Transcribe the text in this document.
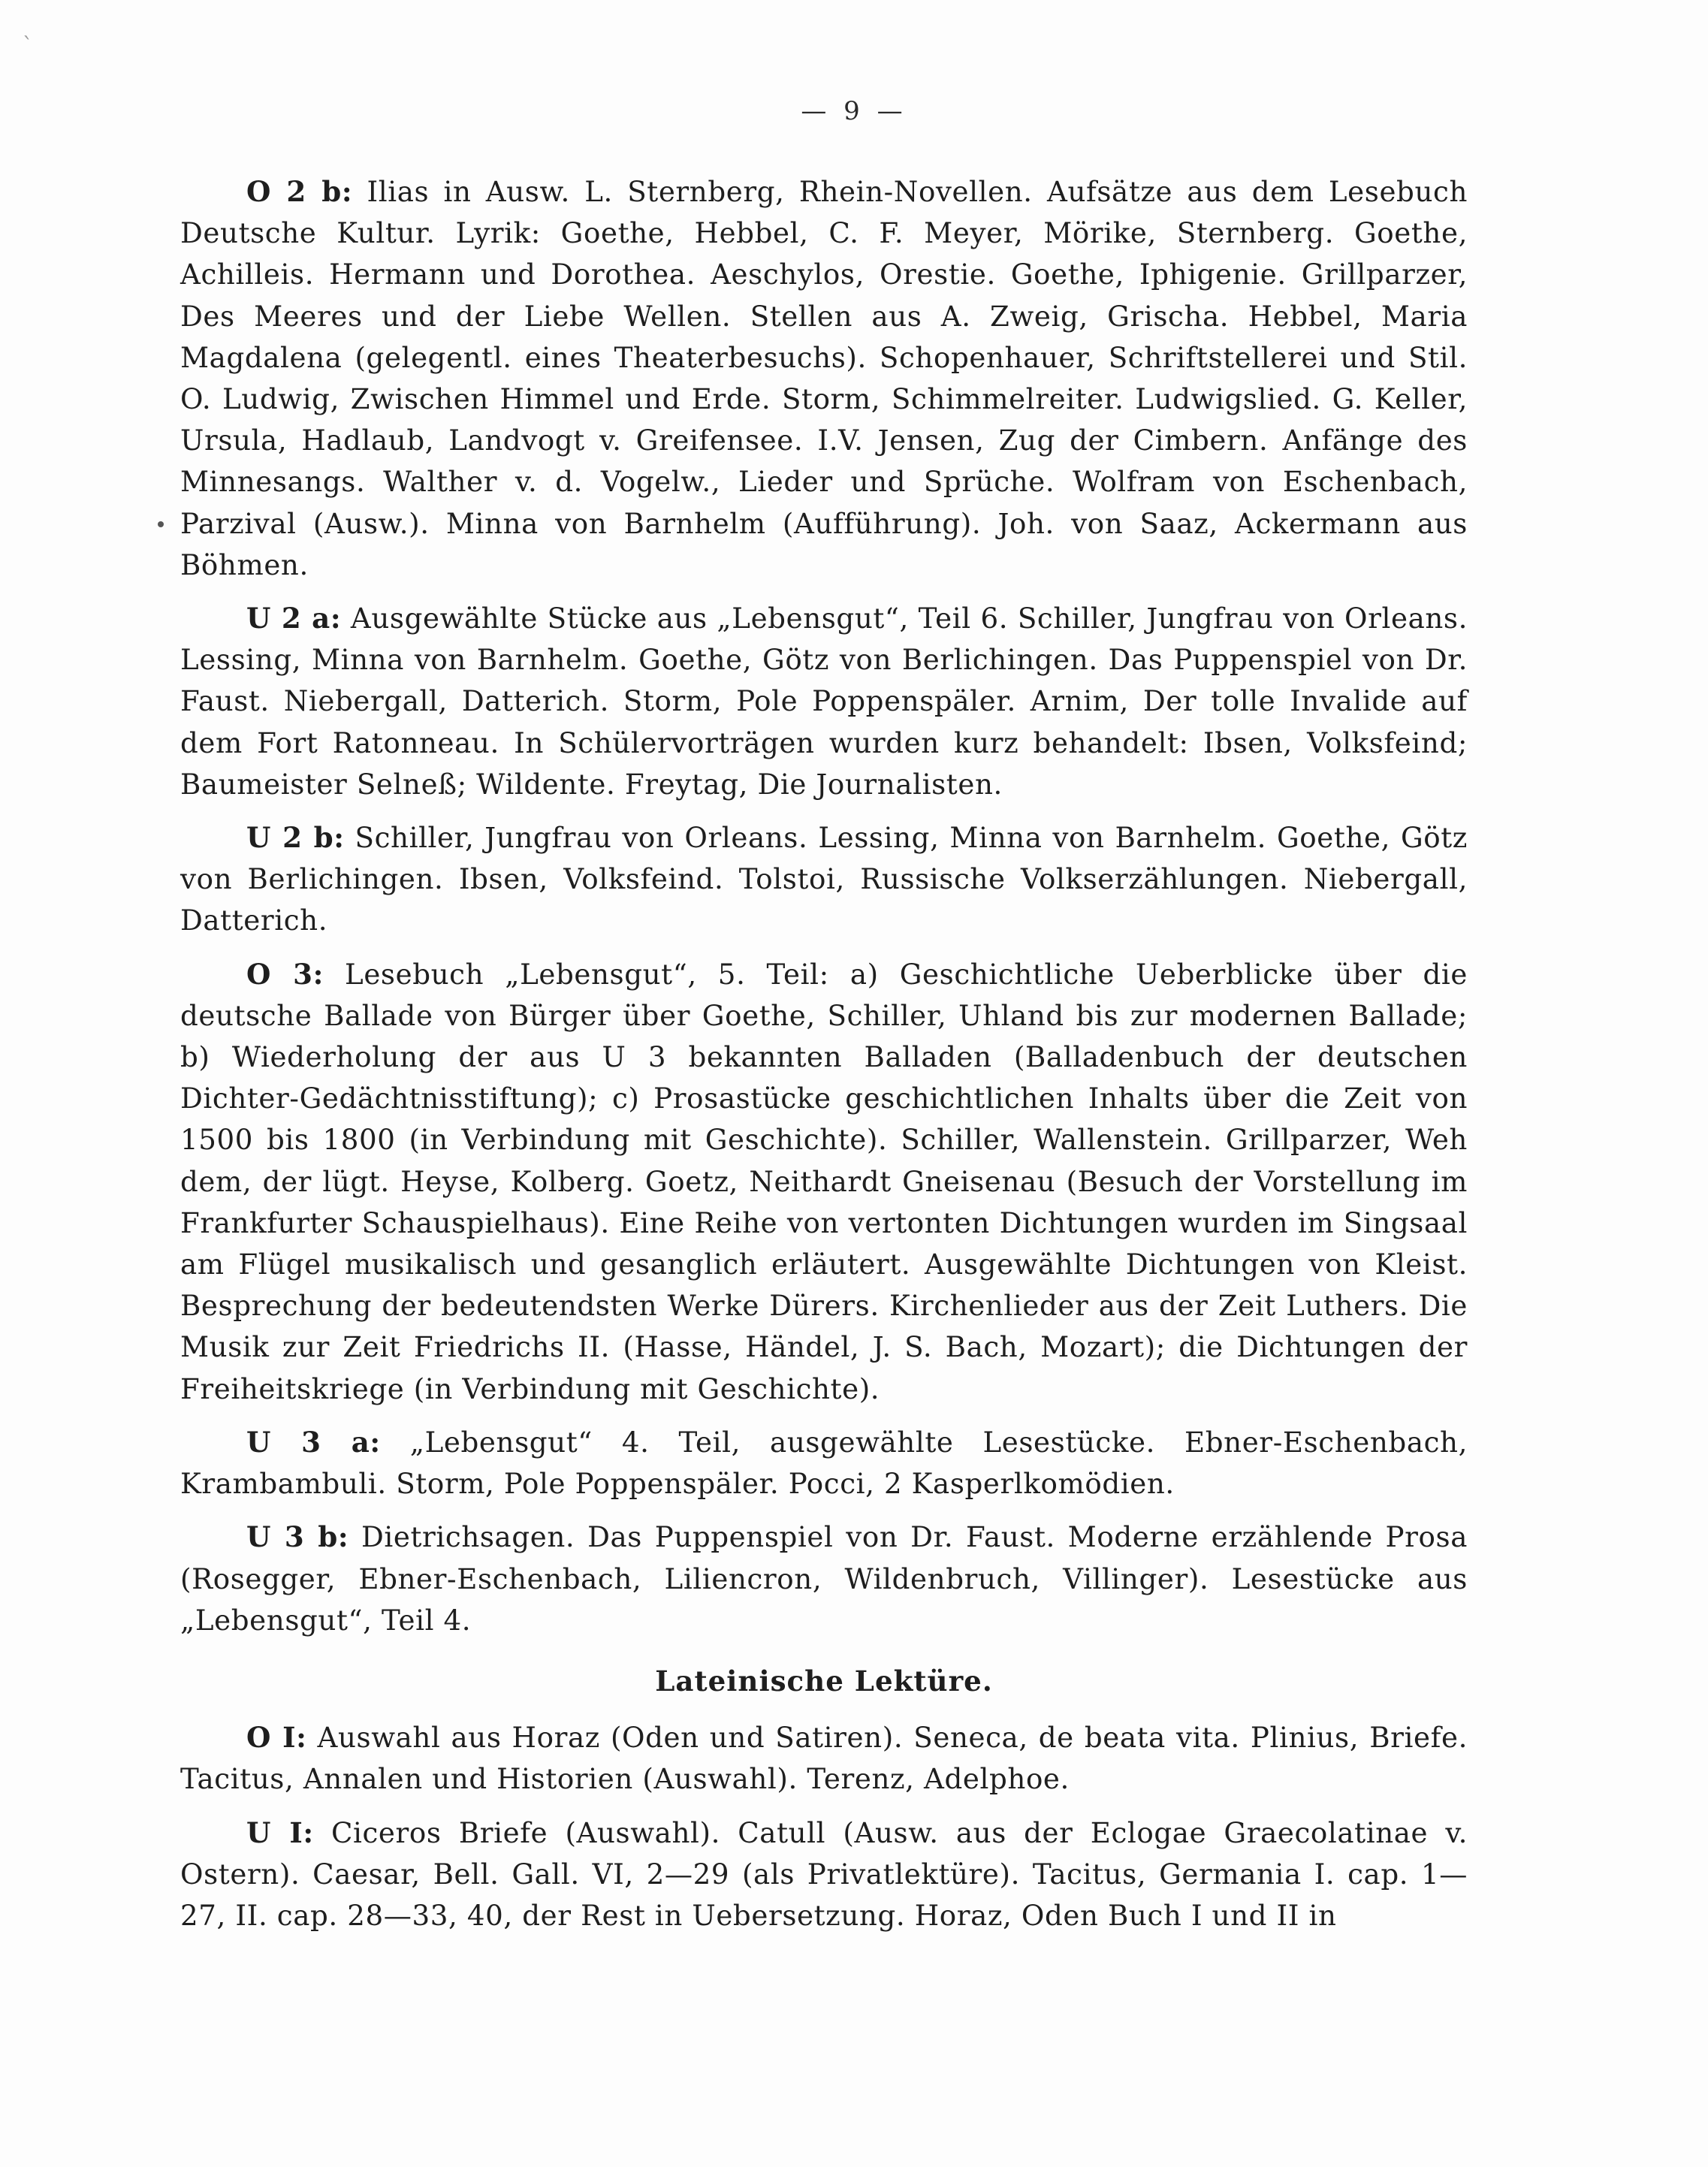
`
— 9 —

O 2 b: Ilias in Ausw. L. Sternberg, Rhein-Novellen. Aufsätze aus dem Lesebuch Deutsche Kultur. Lyrik: Goethe, Hebbel, C. F. Meyer, Mörike, Sternberg. Goethe, Achilleis. Hermann und Dorothea. Aeschylos, Orestie. Goethe, Iphigenie. Grillparzer, Des Meeres und der Liebe Wellen. Stellen aus A. Zweig, Grischa. Hebbel, Maria Magdalena (gelegentl. eines Theaterbesuchs). Schopenhauer, Schriftstellerei und Stil. O. Ludwig, Zwischen Himmel und Erde. Storm, Schimmelreiter. Ludwigslied. G. Keller, Ursula, Hadlaub, Landvogt v. Greifensee. I.V. Jensen, Zug der Cimbern. Anfänge des Minnesangs. Walther v. d. Vogelw., Lieder und Sprüche. Wolfram von Eschenbach, Parzival (Ausw.). Minna von Barnhelm (Aufführung). Joh. von Saaz, Ackermann aus Böhmen.

U 2 a: Ausgewählte Stücke aus „Lebensgut“, Teil 6. Schiller, Jungfrau von Orleans. Lessing, Minna von Barnhelm. Goethe, Götz von Berlichingen. Das Puppenspiel von Dr. Faust. Niebergall, Datterich. Storm, Pole Poppenspäler. Arnim, Der tolle Invalide auf dem Fort Ratonneau. In Schülervorträgen wurden kurz behandelt: Ibsen, Volksfeind; Baumeister Selneß; Wildente. Freytag, Die Journalisten.

U 2 b: Schiller, Jungfrau von Orleans. Lessing, Minna von Barnhelm. Goethe, Götz von Berlichingen. Ibsen, Volksfeind. Tolstoi, Russische Volkserzählungen. Niebergall, Datterich.

O 3: Lesebuch „Lebensgut“, 5. Teil: a) Geschichtliche Ueberblicke über die deutsche Ballade von Bürger über Goethe, Schiller, Uhland bis zur modernen Ballade; b) Wiederholung der aus U 3 bekannten Balladen (Balladenbuch der deutschen Dichter-Gedächtnisstiftung); c) Prosastücke geschichtlichen Inhalts über die Zeit von 1500 bis 1800 (in Verbindung mit Geschichte). Schiller, Wallenstein. Grillparzer, Weh dem, der lügt. Heyse, Kolberg. Goetz, Neithardt Gneisenau (Besuch der Vorstellung im Frankfurter Schauspielhaus). Eine Reihe von vertonten Dichtungen wurden im Singsaal am Flügel musikalisch und gesanglich erläutert. Ausgewählte Dichtungen von Kleist. Besprechung der bedeutendsten Werke Dürers. Kirchenlieder aus der Zeit Luthers. Die Musik zur Zeit Friedrichs II. (Hasse, Händel, J. S. Bach, Mozart); die Dichtungen der Freiheitskriege (in Verbindung mit Geschichte).

U 3 a: „Lebensgut“ 4. Teil, ausgewählte Lesestücke. Ebner-Eschenbach, Krambambuli. Storm, Pole Poppenspäler. Pocci, 2 Kasperlkomödien.

U 3 b: Dietrichsagen. Das Puppenspiel von Dr. Faust. Moderne erzählende Prosa (Rosegger, Ebner-Eschenbach, Liliencron, Wildenbruch, Villinger). Lesestücke aus „Lebensgut“, Teil 4.

Lateinische Lektüre.

O I: Auswahl aus Horaz (Oden und Satiren). Seneca, de beata vita. Plinius, Briefe. Tacitus, Annalen und Historien (Auswahl). Terenz, Adelphoe.

U I: Ciceros Briefe (Auswahl). Catull (Ausw. aus der Eclogae Graecolatinae v. Ostern). Caesar, Bell. Gall. VI, 2—29 (als Privatlektüre). Tacitus, Germania I. cap. 1—27, II. cap. 28—33, 40, der Rest in Uebersetzung. Horaz, Oden Buch I und II in
